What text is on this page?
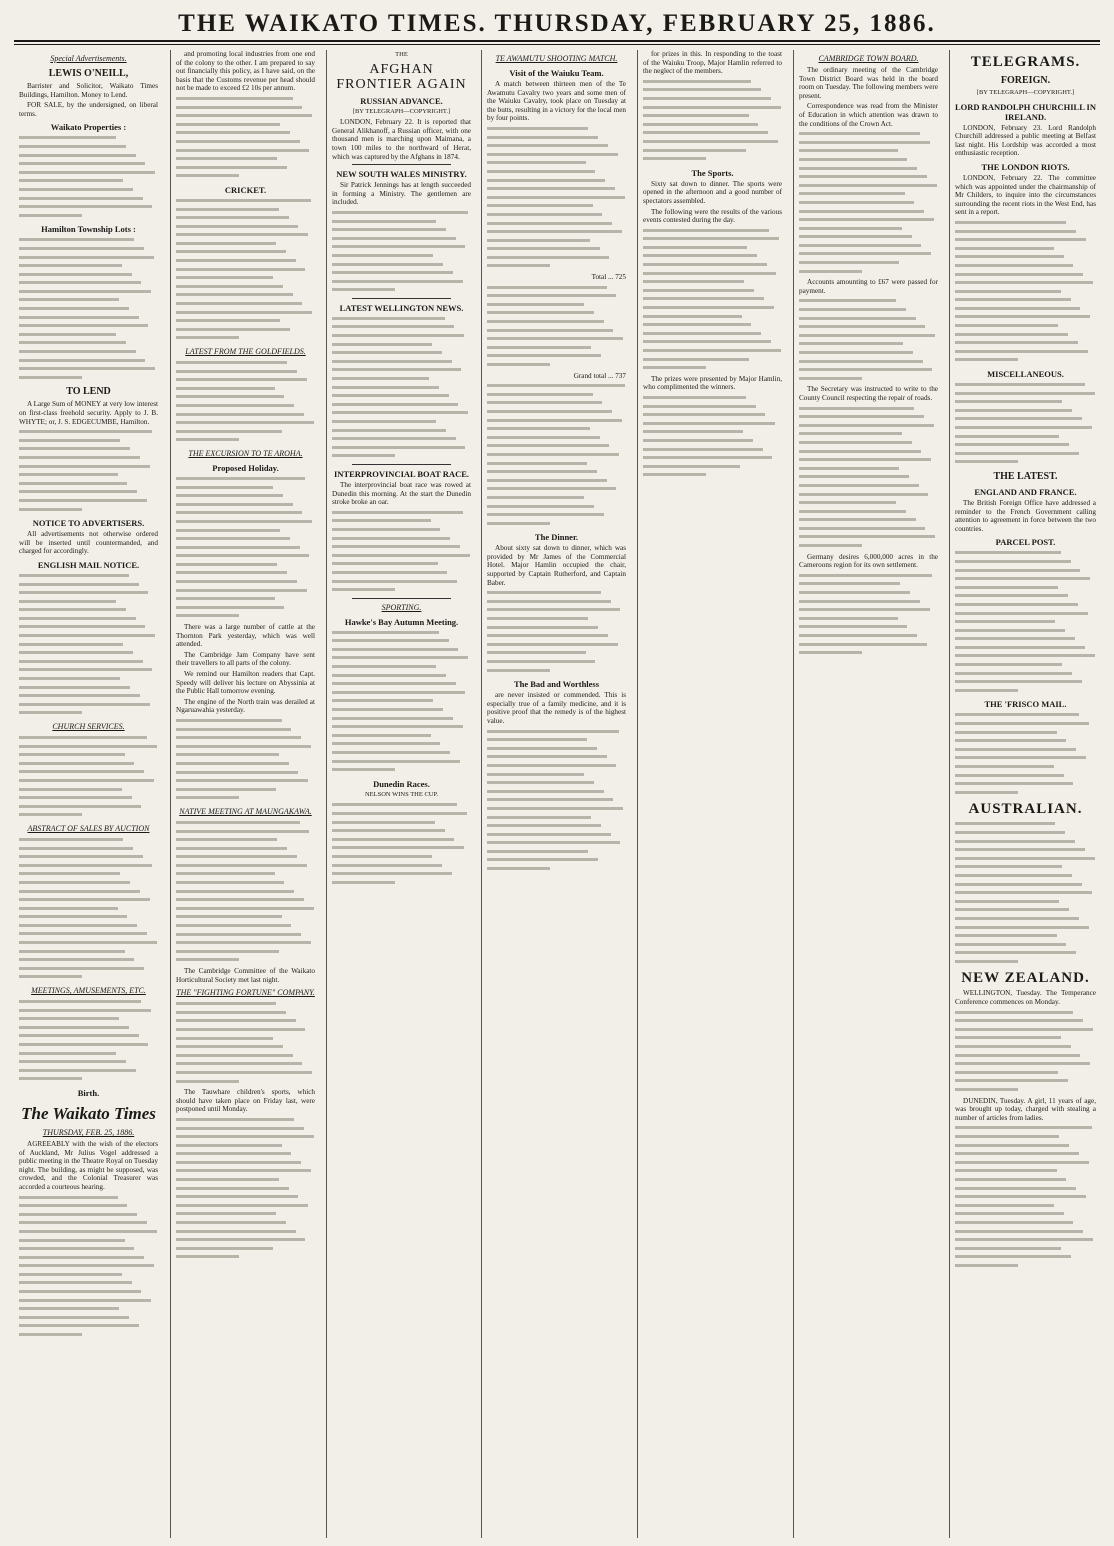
THE WAIKATO TIMES. THURSDAY, FEBRUARY 25, 1886.
Special Advertisements.
LEWIS O'NEILL,

Barrister and Solicitor, Waikato Times Buildings, Hamilton. Money to Lend.

FOR SALE, by the undersigned, on liberal terms.

Waikato Properties :
Hamilton Township Lots :
TO LEND

A Large Sum of MONEY at very low interest on first-class freehold security. Apply to J. B. WHYTE; or, J. S. EDGECUMBE, Hamilton.

NOTICE TO ADVERTISERS.

All advertisements not otherwise ordered will be inserted until countermanded, and charged for accordingly.

ENGLISH MAIL NOTICE.
CHURCH SERVICES.
ABSTRACT OF SALES BY AUCTION
MEETINGS, AMUSEMENTS, ETC.
Birth.
The Waikato Times
THURSDAY, FEB. 25, 1886.

AGREEABLY with the wish of the electors of Auckland, Mr Julius Vogel addressed a public meeting in the Theatre Royal on Tuesday night. The building, as might be supposed, was crowded, and the Colonial Treasurer was accorded a courteous hearing.

and promoting local industries from one end of the colony to the other. I am prepared to say out financially this policy, as I have said, on the basis that the Customs revenue per head should not be made to exceed £2 10s per annum.

CRICKET.
LATEST FROM THE GOLDFIELDS.
THE EXCURSION TO TE AROHA.
Proposed Holiday.

There was a large number of cattle at the Thornton Park yesterday, which was well attended.

The Cambridge Jam Company have sent their travellers to all parts of the colony.

We remind our Hamilton readers that Capt. Speedy will deliver his lecture on Abyssinia at the Public Hall tomorrow evening.

The engine of the North train was derailed at Ngaruawahia yesterday.

NATIVE MEETING AT MAUNGAKAWA.

The Cambridge Committee of the Waikato Horticultural Society met last night.

THE "FIGHTING FORTUNE" COMPANY.

The Tauwhare children's sports, which should have taken place on Friday last, were postponed until Monday.

THE
AFGHAN FRONTIER AGAIN
RUSSIAN ADVANCE.
[BY TELEGRAPH—COPYRIGHT.]

LONDON, February 22. It is reported that General Alikhanoff, a Russian officer, with one thousand men is marching upon Maimana, a town 100 miles to the northward of Herat, which was captured by the Afghans in 1874.

NEW SOUTH WALES MINISTRY.

Sir Patrick Jennings has at length succeeded in forming a Ministry. The gentlemen are included.

LATEST WELLINGTON NEWS.
INTERPROVINCIAL BOAT RACE.

The interprovincial boat race was rowed at Dunedin this morning. At the start the Dunedin stroke broke an oar.

SPORTING.
Hawke's Bay Autumn Meeting.
Dunedin Races.
NELSON WINS THE CUP.
TE AWAMUTU SHOOTING MATCH.
Visit of the Waiuku Team.

A match between thirteen men of the Te Awamutu Cavalry two years and some men of the Waiuku Cavalry, took place on Tuesday at the butts, resulting in a victory for the local men by four points.

Total ... 725
Grand total ... 737
The Dinner.

About sixty sat down to dinner, which was provided by Mr James of the Commercial Hotel. Major Hamlin occupied the chair, supported by Captain Rutherford, and Captain Baber.

The Bad and Worthless

are never insisted or commended. This is especially true of a family medicine, and it is positive proof that the remedy is of the highest value.

for prizes in this. In responding to the toast of the Waiuku Troop, Major Hamlin referred to the neglect of the members.

The Sports.

Sixty sat down to dinner. The sports were opened in the afternoon and a good number of spectators assembled.

The following were the results of the various events contested during the day.

The prizes were presented by Major Hamlin, who complimented the winners.

CAMBRIDGE TOWN BOARD.

The ordinary meeting of the Cambridge Town District Board was held in the board room on Tuesday. The following members were present.

Correspondence was read from the Minister of Education in which attention was drawn to the conditions of the Crown Act.

Accounts amounting to £67 were passed for payment.

The Secretary was instructed to write to the County Council respecting the repair of roads.

Germany desires 6,000,000 acres in the Cameroons region for its own settlement.

TELEGRAMS.
FOREIGN.
[BY TELEGRAPH—COPYRIGHT.]
LORD RANDOLPH CHURCHILL IN IRELAND.

LONDON, February 23. Lord Randolph Churchill addressed a public meeting at Belfast last night. His Lordship was accorded a most enthusiastic reception.

THE LONDON RIOTS.

LONDON, February 22. The committee which was appointed under the chairmanship of Mr Childers, to inquire into the circumstances surrounding the recent riots in the West End, has sent in a report.

MISCELLANEOUS.
THE LATEST.
ENGLAND AND FRANCE.

The British Foreign Office have addressed a reminder to the French Government calling attention to agreement in force between the two countries.

PARCEL POST.
THE 'FRISCO MAIL.
AUSTRALIAN.
NEW ZEALAND.

WELLINGTON, Tuesday. The Temperance Conference commences on Monday.

DUNEDIN, Tuesday. A girl, 11 years of age, was brought up today, charged with stealing a number of articles from ladies.
